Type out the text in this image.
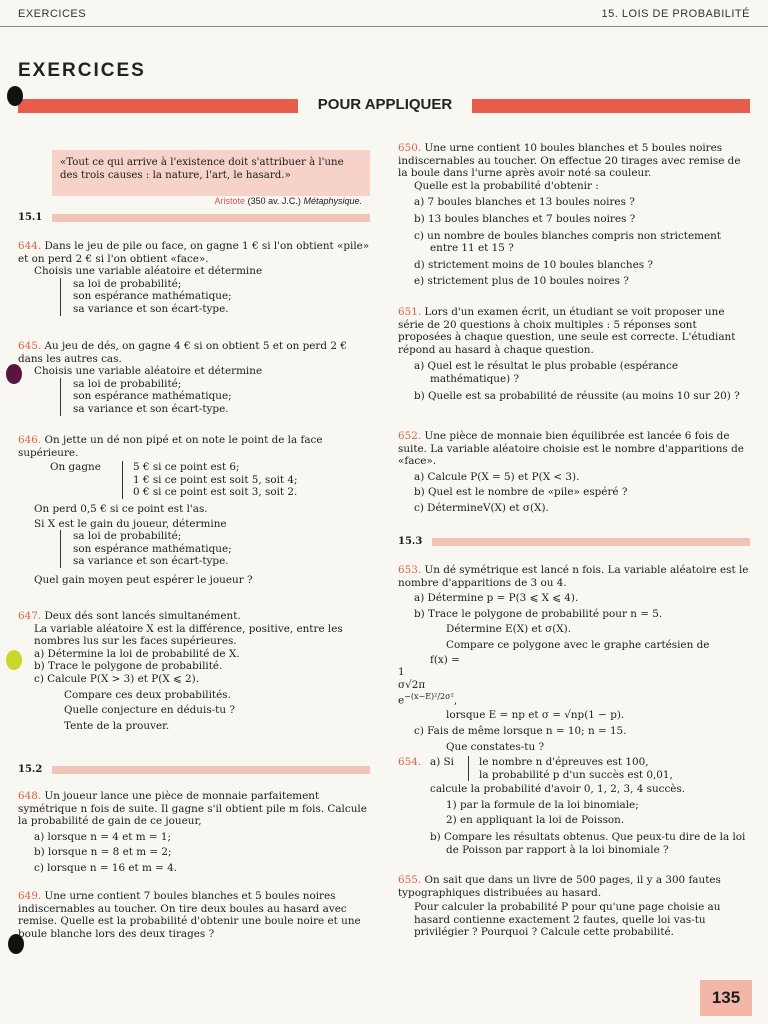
EXERCICES	15. LOIS DE PROBABILITÉ
EXERCICES
POUR APPLIQUER
«Tout ce qui arrive à l'existence doit s'attribuer à l'une des trois causes : la nature, l'art, le hasard.»
Aristote (350 av. J.C.) Métaphysique.
15.1

644. Dans le jeu de pile ou face, on gagne 1 € si l'on obtient «pile» et on perd 2 € si l'on obtient «face».

Choisis une variable aléatoire et détermine

sa loi de probabilité;

son espérance mathématique;

sa variance et son écart-type.

645. Au jeu de dés, on gagne 4 € si on obtient 5 et on perd 2 € dans les autres cas.

Choisis une variable aléatoire et détermine

sa loi de probabilité;

son espérance mathématique;

sa variance et son écart-type.

646. On jette un dé non pipé et on note le point de la face supérieure.

On gagne	5 € si ce point est 6;

1 € si ce point est soit 5, soit 4;

0 € si ce point est soit 3, soit 2.

On perd 0,5 € si ce point est l'as.

Si X est le gain du joueur, détermine

sa loi de probabilité;

son espérance mathématique;

sa variance et son écart-type.

Quel gain moyen peut espérer le joueur ?

647. Deux dés sont lancés simultanément.

La variable aléatoire X est la différence, positive, entre les nombres lus sur les faces supérieures.

a) Détermine la loi de probabilité de X.

b) Trace le polygone de probabilité.

c) Calcule P(X > 3) et P(X ⩽ 2).

Compare ces deux probabilités.

Quelle conjecture en déduis-tu ?

Tente de la prouver.

15.2

648. Un joueur lance une pièce de monnaie parfaitement symétrique n fois de suite. Il gagne s'il obtient pile m fois. Calcule la probabilité de gain de ce joueur,

a) lorsque n = 4 et m = 1;

b) lorsque n = 8 et m = 2;

c) lorsque n = 16 et m = 4.

649. Une urne contient 7 boules blanches et 5 boules noires indiscernables au toucher. On tire deux boules au hasard avec remise. Quelle est la probabilité d'obtenir une boule noire et une boule blanche lors des deux tirages ?

650. Une urne contient 10 boules blanches et 5 boules noires indiscernables au toucher. On effectue 20 tirages avec remise de la boule dans l'urne après avoir noté sa couleur.

Quelle est la probabilité d'obtenir :

a) 7 boules blanches et 13 boules noires ?

b) 13 boules blanches et 7 boules noires ?

c) un nombre de boules blanches compris non strictement entre 11 et 15 ?

d) strictement moins de 10 boules blanches ?

e) strictement plus de 10 boules noires ?

651. Lors d'un examen écrit, un étudiant se voit proposer une série de 20 questions à choix multiples : 5 réponses sont proposées à chaque question, une seule est correcte. L'étudiant répond au hasard à chaque question.

a) Quel est le résultat le plus probable (espérance mathématique) ?

b) Quelle est sa probabilité de réussite (au moins 10 sur 20) ?

652. Une pièce de monnaie bien équilibrée est lancée 6 fois de suite. La variable aléatoire choisie est le nombre d'apparitions de «face».

a) Calcule P(X = 5) et P(X < 3).

b) Quel est le nombre de «pile» espéré ?

c) DétermineV(X) et σ(X).

15.3

653. Un dé symétrique est lancé n fois. La variable aléatoire est le nombre d'apparitions de 3 ou 4.

a) Détermine p = P(3 ⩽ X ⩽ 4).

b) Trace le polygone de probabilité pour n = 5.

Détermine E(X) et σ(X).

Compare ce polygone avec le graphe cartésien de

f(x) =

1
σ√2π
$e^{-(x-E)^2/2\sigma^2}$,

lorsque E = np et σ = √np(1 − p).

c) Fais de même lorsque n = 10; n = 15.

Que constates-tu ?

654. a) Si	le nombre n d'épreuves est 100,

la probabilité p d'un succès est 0,01,

calcule la probabilité d'avoir 0, 1, 2, 3, 4 succès.

1) par la formule de la loi binomiale;

2) en appliquant la loi de Poisson.

b) Compare les résultats obtenus. Que peux-tu dire de la loi de Poisson par rapport à la loi binomiale ?

655. On sait que dans un livre de 500 pages, il y a 300 fautes typographiques distribuées au hasard.

Pour calculer la probabilité P pour qu'une page choisie au hasard contienne exactement 2 fautes, quelle loi vas-tu privilégier ? Pourquoi ? Calcule cette probabilité.

135
